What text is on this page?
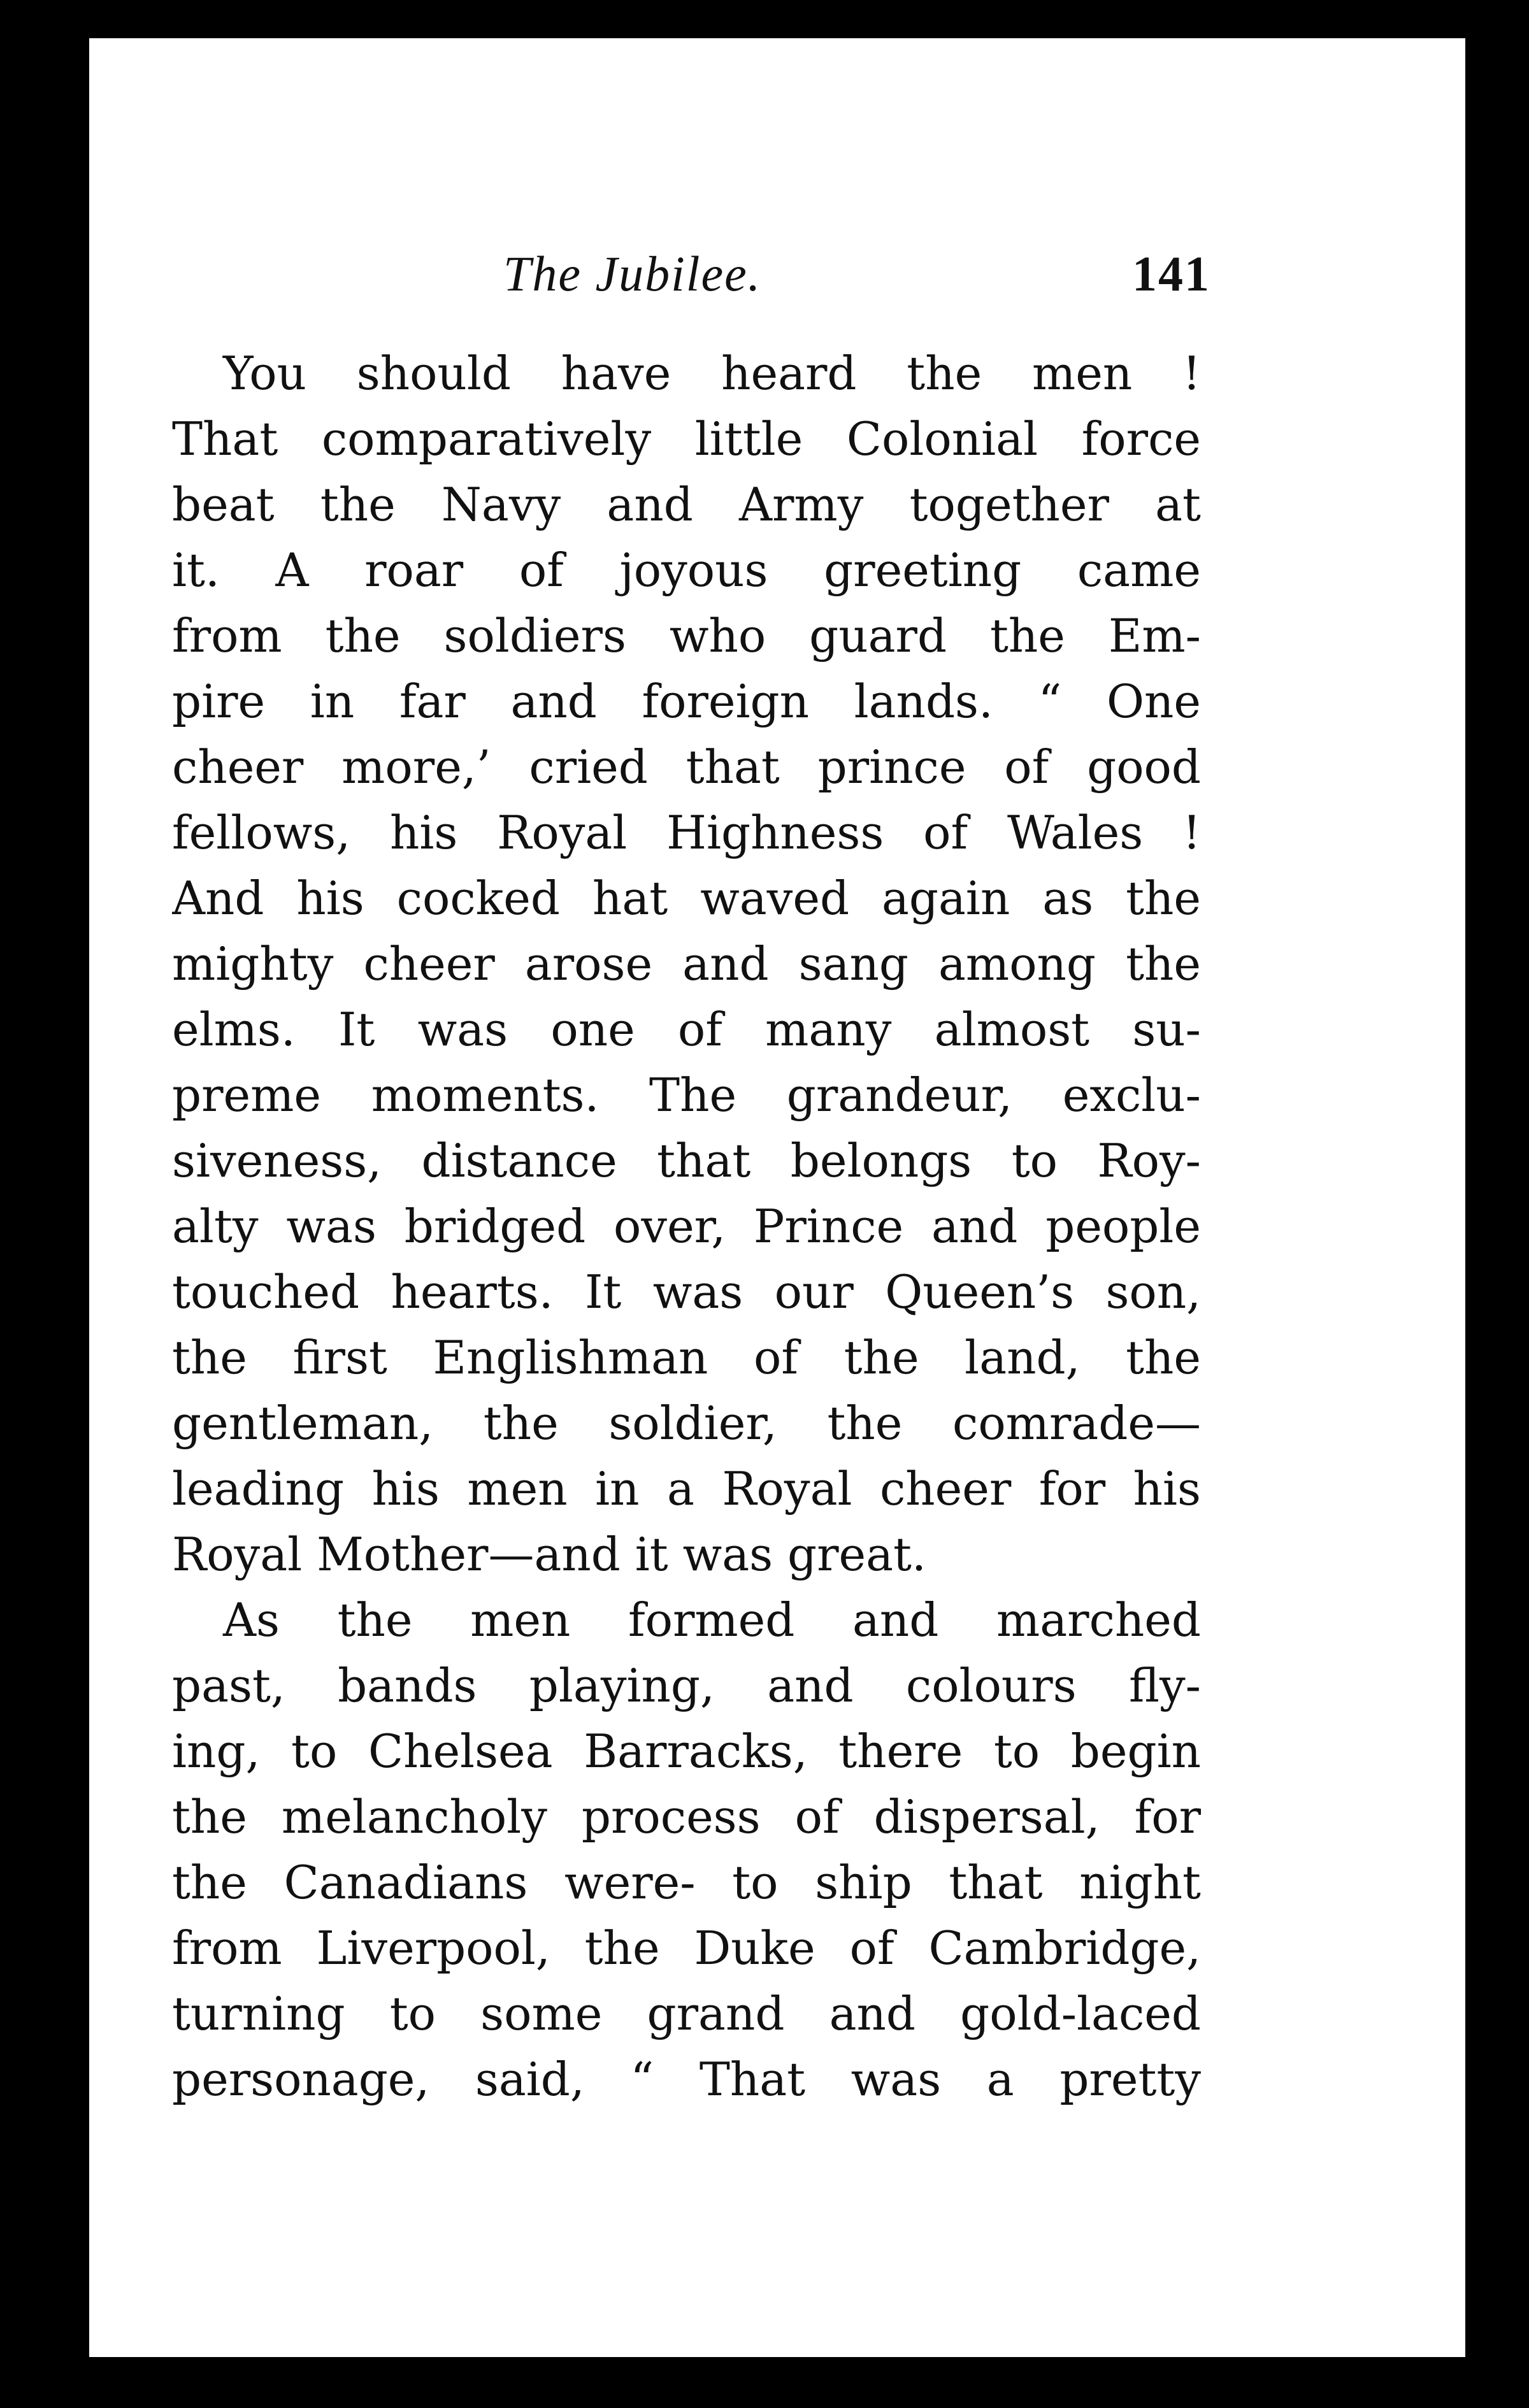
The Jubilee.	141
You should have heard the men !
That comparatively little Colonial force
beat the Navy and Army together at
it. A roar of joyous greeting came
from the soldiers who guard the Em-
pire in far and foreign lands. “ One
cheer more,’ cried that prince of good
fellows, his Royal Highness of Wales !
And his cocked hat waved again as the
mighty cheer arose and sang among the
elms. It was one of many almost su-
preme moments. The grandeur, exclu-
siveness, distance that belongs to Roy-
alty was bridged over, Prince and people
touched hearts. It was our Queen’s son,
the first Englishman of the land, the
gentleman, the soldier, the comrade—
leading his men in a Royal cheer for his
Royal Mother—and it was great.
As the men formed and marched
past, bands playing, and colours fly-
ing, to Chelsea Barracks, there to begin
the melancholy process of dispersal, for
the Canadians were- to ship that night
from Liverpool, the Duke of Cambridge,
turning to some grand and gold-laced
personage, said, “ That was a pretty
